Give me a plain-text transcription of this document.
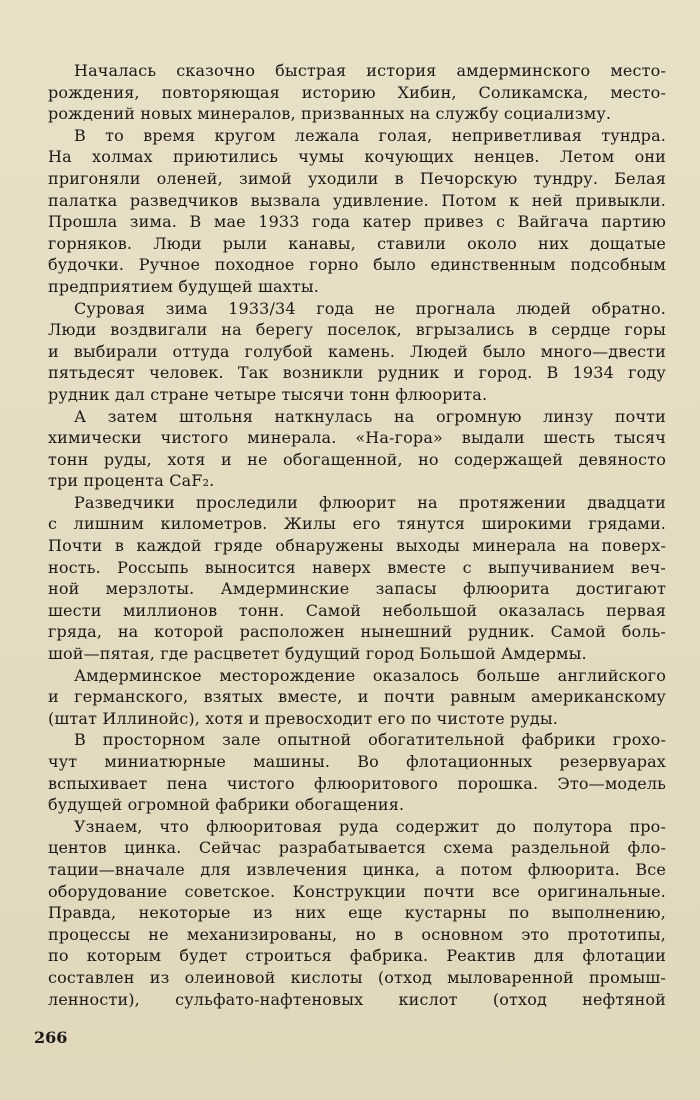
Началась сказочно быстрая история амдерминского место-
рождения, повторяющая историю Хибин, Соликамска, место-
рождений новых минералов, призванных на службу социализму.
В то время кругом лежала голая, неприветливая тундра.
На холмах приютились чумы кочующих ненцев. Летом они
пригоняли оленей, зимой уходили в Печорскую тундру. Белая
палатка разведчиков вызвала удивление. Потом к ней привыкли.
Прошла зима. В мае 1933 года катер привез с Вайгача партию
горняков. Люди рыли канавы, ставили около них дощатые
будочки. Ручное походное горно было единственным подсобным
предприятием будущей шахты.
Суровая зима 1933/34 года не прогнала людей обратно.
Люди воздвигали на берегу поселок, вгрызались в сердце горы
и выбирали оттуда голубой камень. Людей было много—двести
пятьдесят человек. Так возникли рудник и город. В 1934 году
рудник дал стране четыре тысячи тонн флюорита.
А затем штольня наткнулась на огромную линзу почти
химически чистого минерала. «На-гора» выдали шесть тысяч
тонн руды, хотя и не обогащенной, но содержащей девяносто
три процента CaF₂.
Разведчики проследили флюорит на протяжении двадцати
с лишним километров. Жилы его тянутся широкими грядами.
Почти в каждой гряде обнаружены выходы минерала на поверх-
ность. Россыпь выносится наверх вместе с выпучиванием веч-
ной мерзлоты. Амдерминские запасы флюорита достигают
шести миллионов тонн. Самой небольшой оказалась первая
гряда, на которой расположен нынешний рудник. Самой боль-
шой—пятая, где расцветет будущий город Большой Амдермы.
Амдерминское месторождение оказалось больше английского
и германского, взятых вместе, и почти равным американскому
(штат Иллинойс), хотя и превосходит его по чистоте руды.
В просторном зале опытной обогатительной фабрики грохо-
чут миниатюрные машины. Во флотационных резервуарах
вспыхивает пена чистого флюоритового порошка. Это—модель
будущей огромной фабрики обогащения.
Узнаем, что флюоритовая руда содержит до полутора про-
центов цинка. Сейчас разрабатывается схема раздельной фло-
тации—вначале для извлечения цинка, а потом флюорита. Все
оборудование советское. Конструкции почти все оригинальные.
Правда, некоторые из них еще кустарны по выполнению,
процессы не механизированы, но в основном это прототипы,
по которым будет строиться фабрика. Реактив для флотации
составлен из олеиновой кислоты (отход мыловаренной промыш-
ленности), сульфато-нафтеновых кислот (отход нефтяной
266
